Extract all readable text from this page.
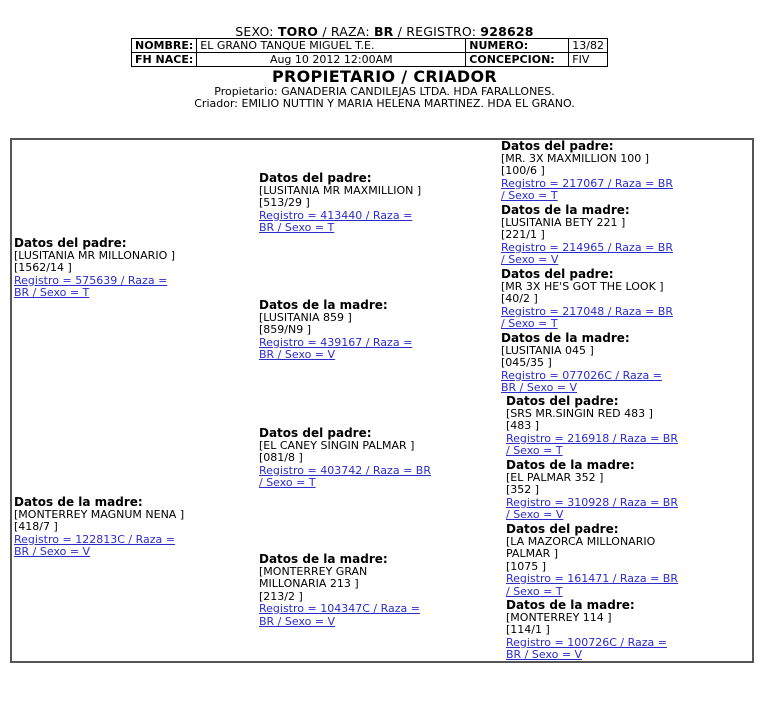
SEXO: TORO / RAZA: BR / REGISTRO: 928628
NOMBRE:	EL GRANO TANQUE MIGUEL T.E.	NUMERO:	13/82
FH NACE:	Aug 10 2012 12:00AM	CONCEPCION:	FIV
PROPIETARIO / CRIADOR
Propietario: GANADERIA CANDILEJAS LTDA. HDA FARALLONES.
Criador: EMILIO NUTTIN Y MARIA HELENA MARTINEZ. HDA EL GRANO.
Datos del padre:
[LUSITANIA MR MILLONARIO ]
[1562/14 ]
Registro = 575639 / Raza =
BR / Sexo = T
Datos de la madre:
[MONTERREY MAGNUM NENA ]
[418/7 ]
Registro = 122813C / Raza =
BR / Sexo = V
Datos del padre:
[LUSITANIA MR MAXMILLION ]
[513/29 ]
Registro = 413440 / Raza =
BR / Sexo = T
Datos de la madre:
[LUSITANIA 859 ]
[859/N9 ]
Registro = 439167 / Raza =
BR / Sexo = V
Datos del padre:
[EL CANEY SINGIN PALMAR ]
[081/8 ]
Registro = 403742 / Raza = BR
/ Sexo = T
Datos de la madre:
[MONTERREY GRAN
MILLONARIA 213 ]
[213/2 ]
Registro = 104347C / Raza =
BR / Sexo = V
Datos del padre:
[MR. 3X MAXMILLION 100 ]
[100/6 ]
Registro = 217067 / Raza = BR
/ Sexo = T
Datos de la madre:
[LUSITANIA BETY 221 ]
[221/1 ]
Registro = 214965 / Raza = BR
/ Sexo = V
Datos del padre:
[MR 3X HE'S GOT THE LOOK ]
[40/2 ]
Registro = 217048 / Raza = BR
/ Sexo = T
Datos de la madre:
[LUSITANIA 045 ]
[045/35 ]
Registro = 077026C / Raza =
BR / Sexo = V
Datos del padre:
[SRS MR.SINGIN RED 483 ]
[483 ]
Registro = 216918 / Raza = BR
/ Sexo = T
Datos de la madre:
[EL PALMAR 352 ]
[352 ]
Registro = 310928 / Raza = BR
/ Sexo = V
Datos del padre:
[LA MAZORCA MILLONARIO
PALMAR ]
[1075 ]
Registro = 161471 / Raza = BR
/ Sexo = T
Datos de la madre:
[MONTERREY 114 ]
[114/1 ]
Registro = 100726C / Raza =
BR / Sexo = V
